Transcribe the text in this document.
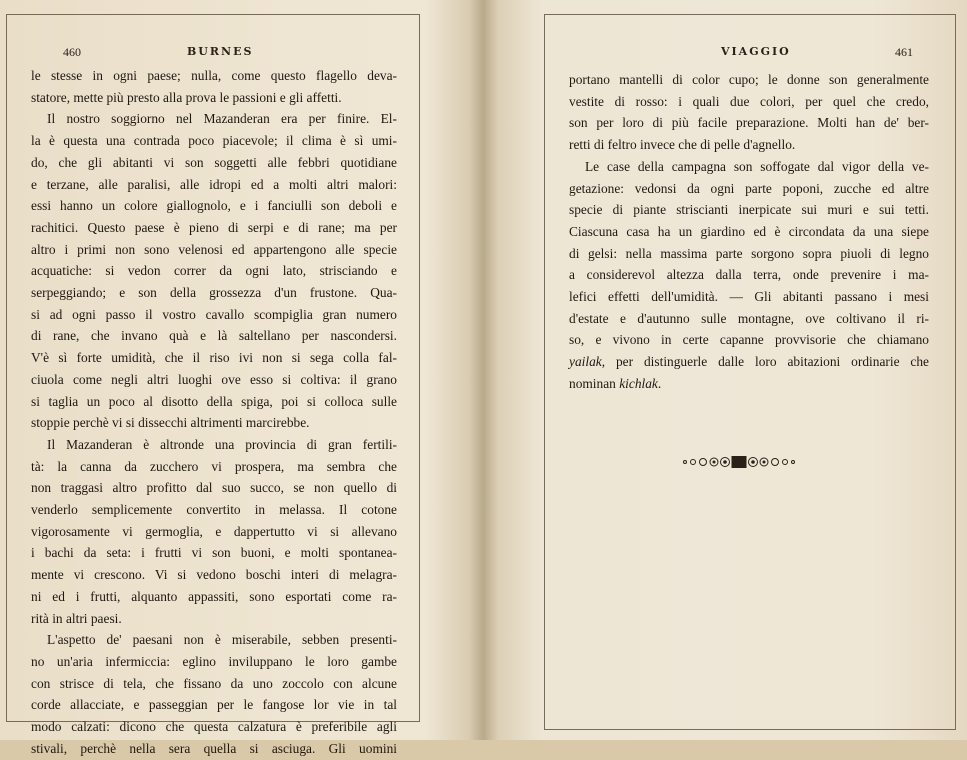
460	BURNES

le stesse in ogni paese; nulla, come questo flagello deva-

statore, mette più presto alla prova le passioni e gli affetti.

Il nostro soggiorno nel Mazanderan era per finire. El-

la è questa una contrada poco piacevole; il clima è sì umi-

do, che gli abitanti vi son soggetti alle febbri quotidiane

e terzane, alle paralisi, alle idropi ed a molti altri malori:

essi hanno un colore giallognolo, e i fanciulli son deboli e

rachitici. Questo paese è pieno di serpi e di rane; ma per

altro i primi non sono velenosi ed appartengono alle specie

acquatiche: si vedon correr da ogni lato, strisciando e

serpeggiando; e son della grossezza d'un frustone. Qua-

si ad ogni passo il vostro cavallo scompiglia gran numero

di rane, che invano quà e là saltellano per nascondersi.

V'è sì forte umidità, che il riso ivi non si sega colla fal-

ciuola come negli altri luoghi ove esso si coltiva: il grano

si taglia un poco al disotto della spiga, poi si colloca sulle

stoppie perchè vi si dissecchi altrimenti marcirebbe.

Il Mazanderan è altronde una provincia di gran fertili-

tà: la canna da zucchero vi prospera, ma sembra che

non traggasi altro profitto dal suo succo, se non quello di

venderlo semplicemente convertito in melassa. Il cotone

vigorosamente vi germoglia, e dappertutto vi si allevano

i bachi da seta: i frutti vi son buoni, e molti spontanea-

mente vi crescono. Vi si vedono boschi interi di melagra-

ni ed i frutti, alquanto appassiti, sono esportati come ra-

rità in altri paesi.

L'aspetto de' paesani non è miserabile, sebben presenti-

no un'aria infermiccia: eglino inviluppano le loro gambe

con strisce di tela, che fissano da uno zoccolo con alcune

corde allacciate, e passeggian per le fangose lor vie in tal

modo calzati: dicono che questa calzatura è preferibile agli

stivali, perchè nella sera quella si asciuga. Gli uomini

VIAGGIO	461

portano mantelli di color cupo; le donne son generalmente

vestite di rosso: i quali due colori, per quel che credo,

son per loro di più facile preparazione. Molti han de' ber-

retti di feltro invece che di pelle d'agnello.

Le case della campagna son soffogate dal vigor della ve-

getazione: vedonsi da ogni parte poponi, zucche ed altre

specie di piante striscianti inerpicate sui muri e sui tetti.

Ciascuna casa ha un giardino ed è circondata da una siepe

di gelsi: nella massima parte sorgono sopra piuoli di legno

a considerevol altezza dalla terra, onde prevenire i ma-

lefici effetti dell'umidità. — Gli abitanti passano i mesi

d'estate e d'autunno sulle montagne, ove coltivano il ri-

so, e vivono in certe capanne provvisorie che chiamano

yailak, per distinguerle dalle loro abitazioni ordinarie che

nominan kichlak.
